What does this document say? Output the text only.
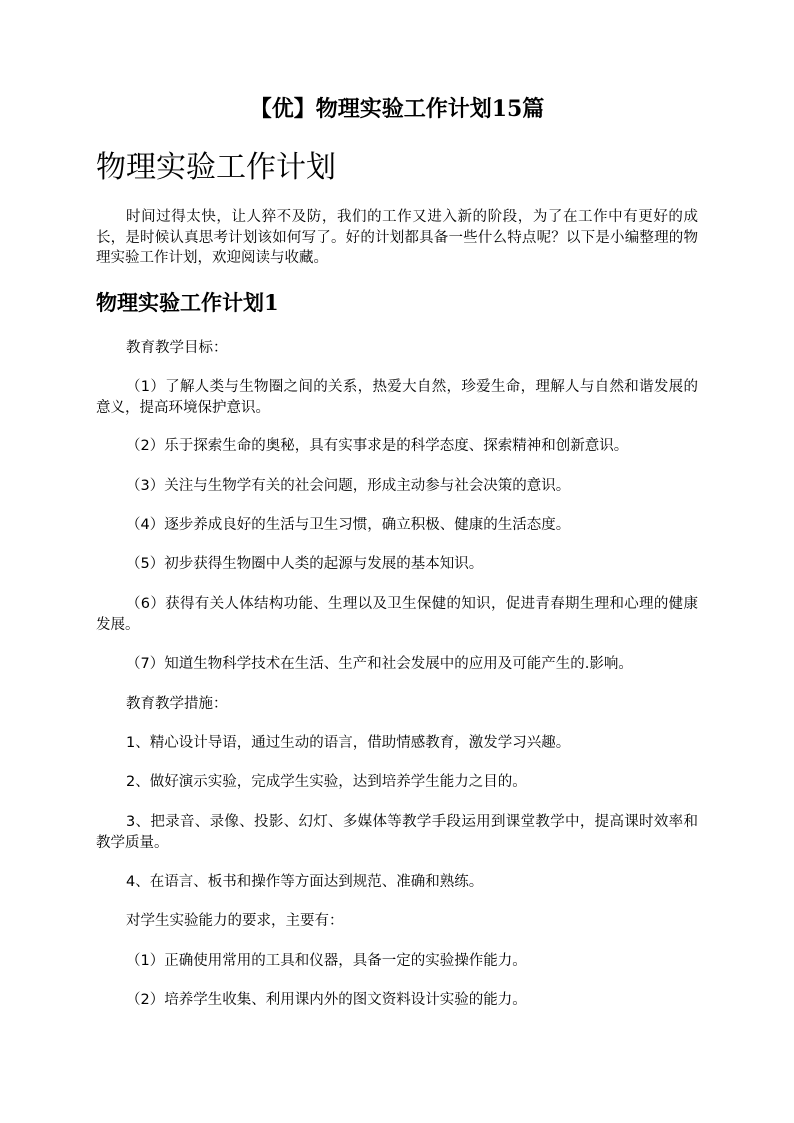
【优】物理实验工作计划15篇
物理实验工作计划

时间过得太快，让人猝不及防，我们的工作又进入新的阶段，为了在工作中有更好的成长，是时候认真思考计划该如何写了。好的计划都具备一些什么特点呢？以下是小编整理的物理实验工作计划，欢迎阅读与收藏。

物理实验工作计划1

教育教学目标：

（1）了解人类与生物圈之间的关系，热爱大自然，珍爱生命，理解人与自然和谐发展的意义，提高环境保护意识。

（2）乐于探索生命的奥秘，具有实事求是的科学态度、探索精神和创新意识。

（3）关注与生物学有关的社会问题，形成主动参与社会决策的意识。

（4）逐步养成良好的生活与卫生习惯，确立积极、健康的生活态度。

（5）初步获得生物圈中人类的起源与发展的基本知识。

（6）获得有关人体结构功能、生理以及卫生保健的知识，促进青春期生理和心理的健康发展。

（7）知道生物科学技术在生活、生产和社会发展中的应用及可能产生的.影响。

教育教学措施：

1、精心设计导语，通过生动的语言，借助情感教育，激发学习兴趣。

2、做好演示实验，完成学生实验，达到培养学生能力之目的。

3、把录音、录像、投影、幻灯、多媒体等教学手段运用到课堂教学中，提高课时效率和教学质量。

4、在语言、板书和操作等方面达到规范、准确和熟练。

对学生实验能力的要求，主要有：

（1）正确使用常用的工具和仪器，具备一定的实验操作能力。

（2）培养学生收集、利用课内外的图文资料设计实验的能力。
